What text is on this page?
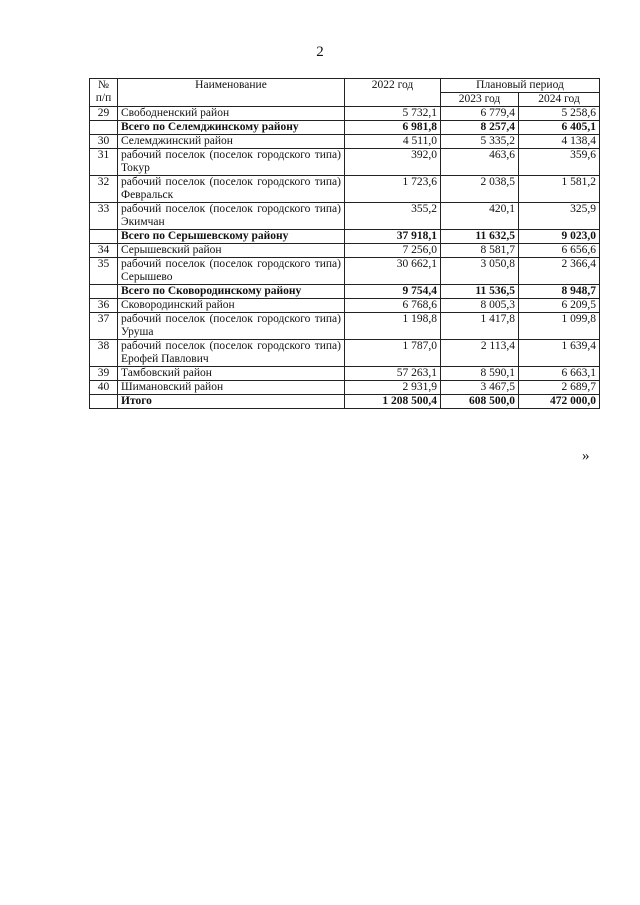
2
№ п/п	Наименование	2022 год	Плановый период	
			2023 год	2024 год
29	Свободненский район	5 732,1	6 779,4	5 258,6
	Всего по Селемджинскому району	6 981,8	8 257,4	6 405,1
30	Селемджинский район	4 511,0	5 335,2	4 138,4
31	рабочий поселок (поселок городского типа) Токур	392,0	463,6	359,6
32	рабочий поселок (поселок городского типа) Февральск	1 723,6	2 038,5	1 581,2
33	рабочий поселок (поселок городского типа) Экимчан	355,2	420,1	325,9
	Всего по Серышевскому району	37 918,1	11 632,5	9 023,0
34	Серышевский район	7 256,0	8 581,7	6 656,6
35	рабочий поселок (поселок городского типа) Серышево	30 662,1	3 050,8	2 366,4
	Всего по Сковородинскому району	9 754,4	11 536,5	8 948,7
36	Сковородинский район	6 768,6	8 005,3	6 209,5
37	рабочий поселок (поселок городского типа) Уруша	1 198,8	1 417,8	1 099,8
38	рабочий поселок (поселок городского типа) Ерофей Павлович	1 787,0	2 113,4	1 639,4
39	Тамбовский район	57 263,1	8 590,1	6 663,1
40	Шимановский район	2 931,9	3 467,5	2 689,7
	Итого	1 208 500,4	608 500,0	472 000,0
»
